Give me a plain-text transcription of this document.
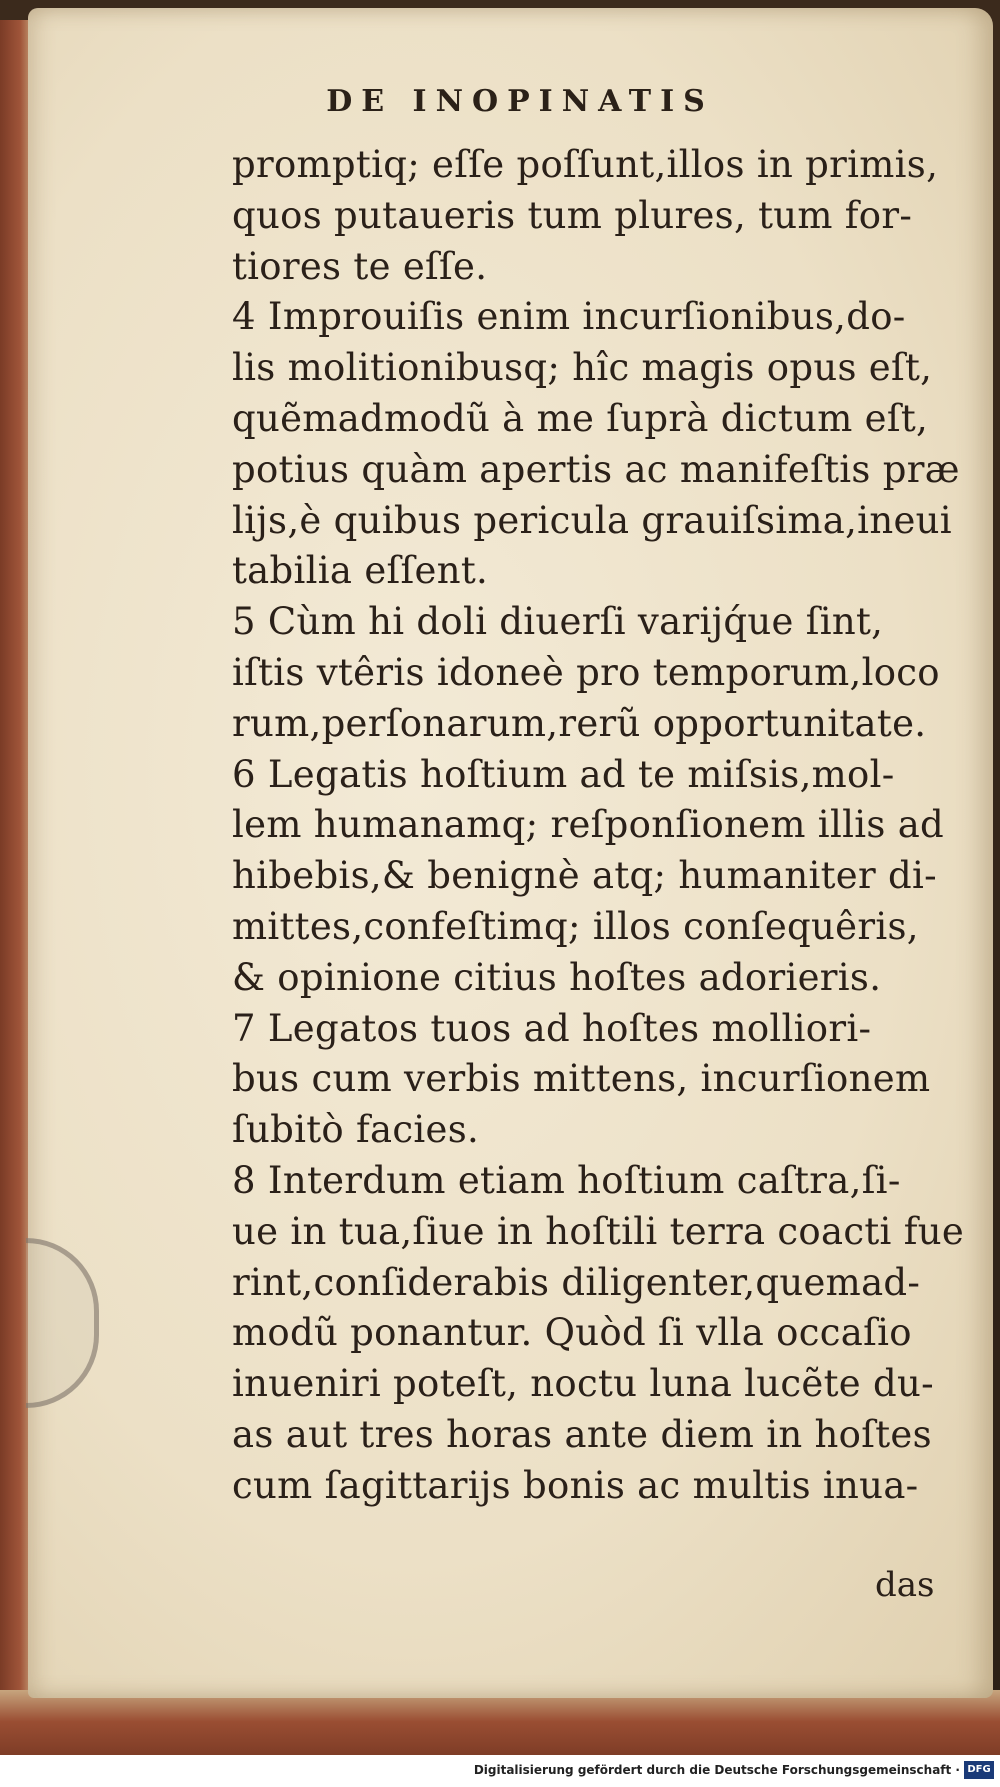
DE INOPINATIS
promptiq; eſſe poſſunt,illos in primis,
quos putaueris tum plures, tum for-
tiores te eſſe.
4 Improuiſis enim incurſionibus,do-
lis molitionibusq; hîc magis opus eſt,
quẽmadmodũ à me ſuprà dictum eſt,
potius quàm apertis ac manifeſtis præ
lijs,è quibus pericula grauiſsima,ineui
tabilia eſſent.
5 Cùm hi doli diuerſi varijq́ue ſint,
iſtis vtêris idoneè pro temporum,loco
rum,perſonarum,rerũ opportunitate.
6 Legatis hoſtium ad te miſsis,mol-
lem humanamq; reſponſionem illis ad
hibebis,& benignè atq; humaniter di-
mittes,confeſtimq; illos conſequêris,
& opinione citius hoſtes adorieris.
7 Legatos tuos ad hoſtes molliori-
bus cum verbis mittens, incurſionem
ſubitò facies.
8 Interdum etiam hoſtium caſtra,ſi-
ue in tua,ſiue in hoſtili terra coacti fue
rint,conſiderabis diligenter,quemad-
modũ ponantur. Quòd ſi vlla occaſio
inueniri poteſt, noctu luna lucẽte du-
as aut tres horas ante diem in hoſtes
cum ſagittarijs bonis ac multis inua-
das
Digitalisierung gefördert durch die Deutsche Forschungsgemeinschaft · DFG
